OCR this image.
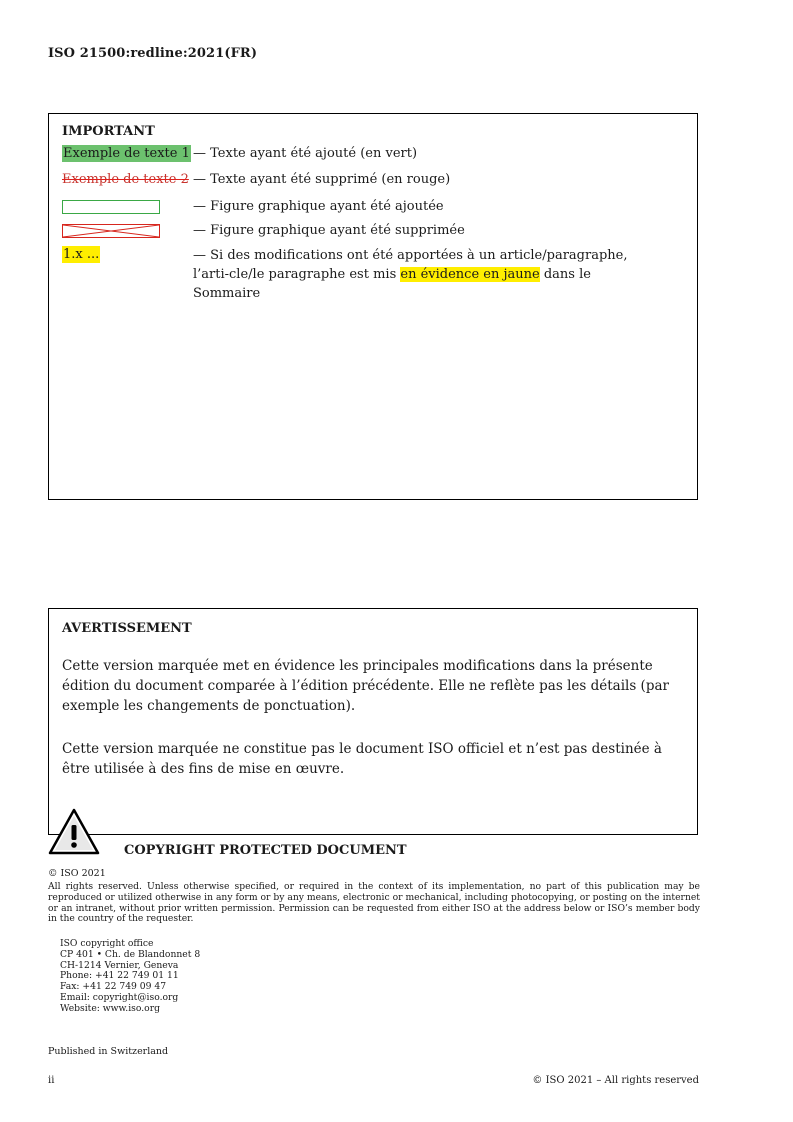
ISO 21500:redline:2021(FR)
IMPORTANT
Exemple de texte 1 — Texte ayant été ajouté (en vert)
Exemple de texte 2 — Texte ayant été supprimé (en rouge)
— Figure graphique ayant été ajoutée
— Figure graphique ayant été supprimée
1.x ...	— Si des modifications ont été apportées à un article/paragraphe, l’arti-cle/le paragraphe est mis en évidence en jaune dans le Sommaire
AVERTISSEMENT
Cette version marquée met en évidence les principales modifications dans la présente édition du document comparée à l’édition précédente. Elle ne reflète pas les détails (par exemple les changements de ponctuation).
Cette version marquée ne constitue pas le document ISO officiel et n’est pas destinée à être utilisée à des fins de mise en œuvre.
COPYRIGHT PROTECTED DOCUMENT
© ISO 2021
All rights reserved. Unless otherwise specified, or required in the context of its implementation, no part of this publication may be reproduced or utilized otherwise in any form or by any means, electronic or mechanical, including photocopying, or posting on the internet or an intranet, without prior written permission. Permission can be requested from either ISO at the address below or ISO’s member body in the country of the requester.
ISO copyright office
CP 401 • Ch. de Blandonnet 8
CH-1214 Vernier, Geneva
Phone: +41 22 749 01 11
Fax: +41 22 749 09 47
Email: copyright@iso.org
Website: www.iso.org
Published in Switzerland
ii	© ISO 2021 – All rights reserved
